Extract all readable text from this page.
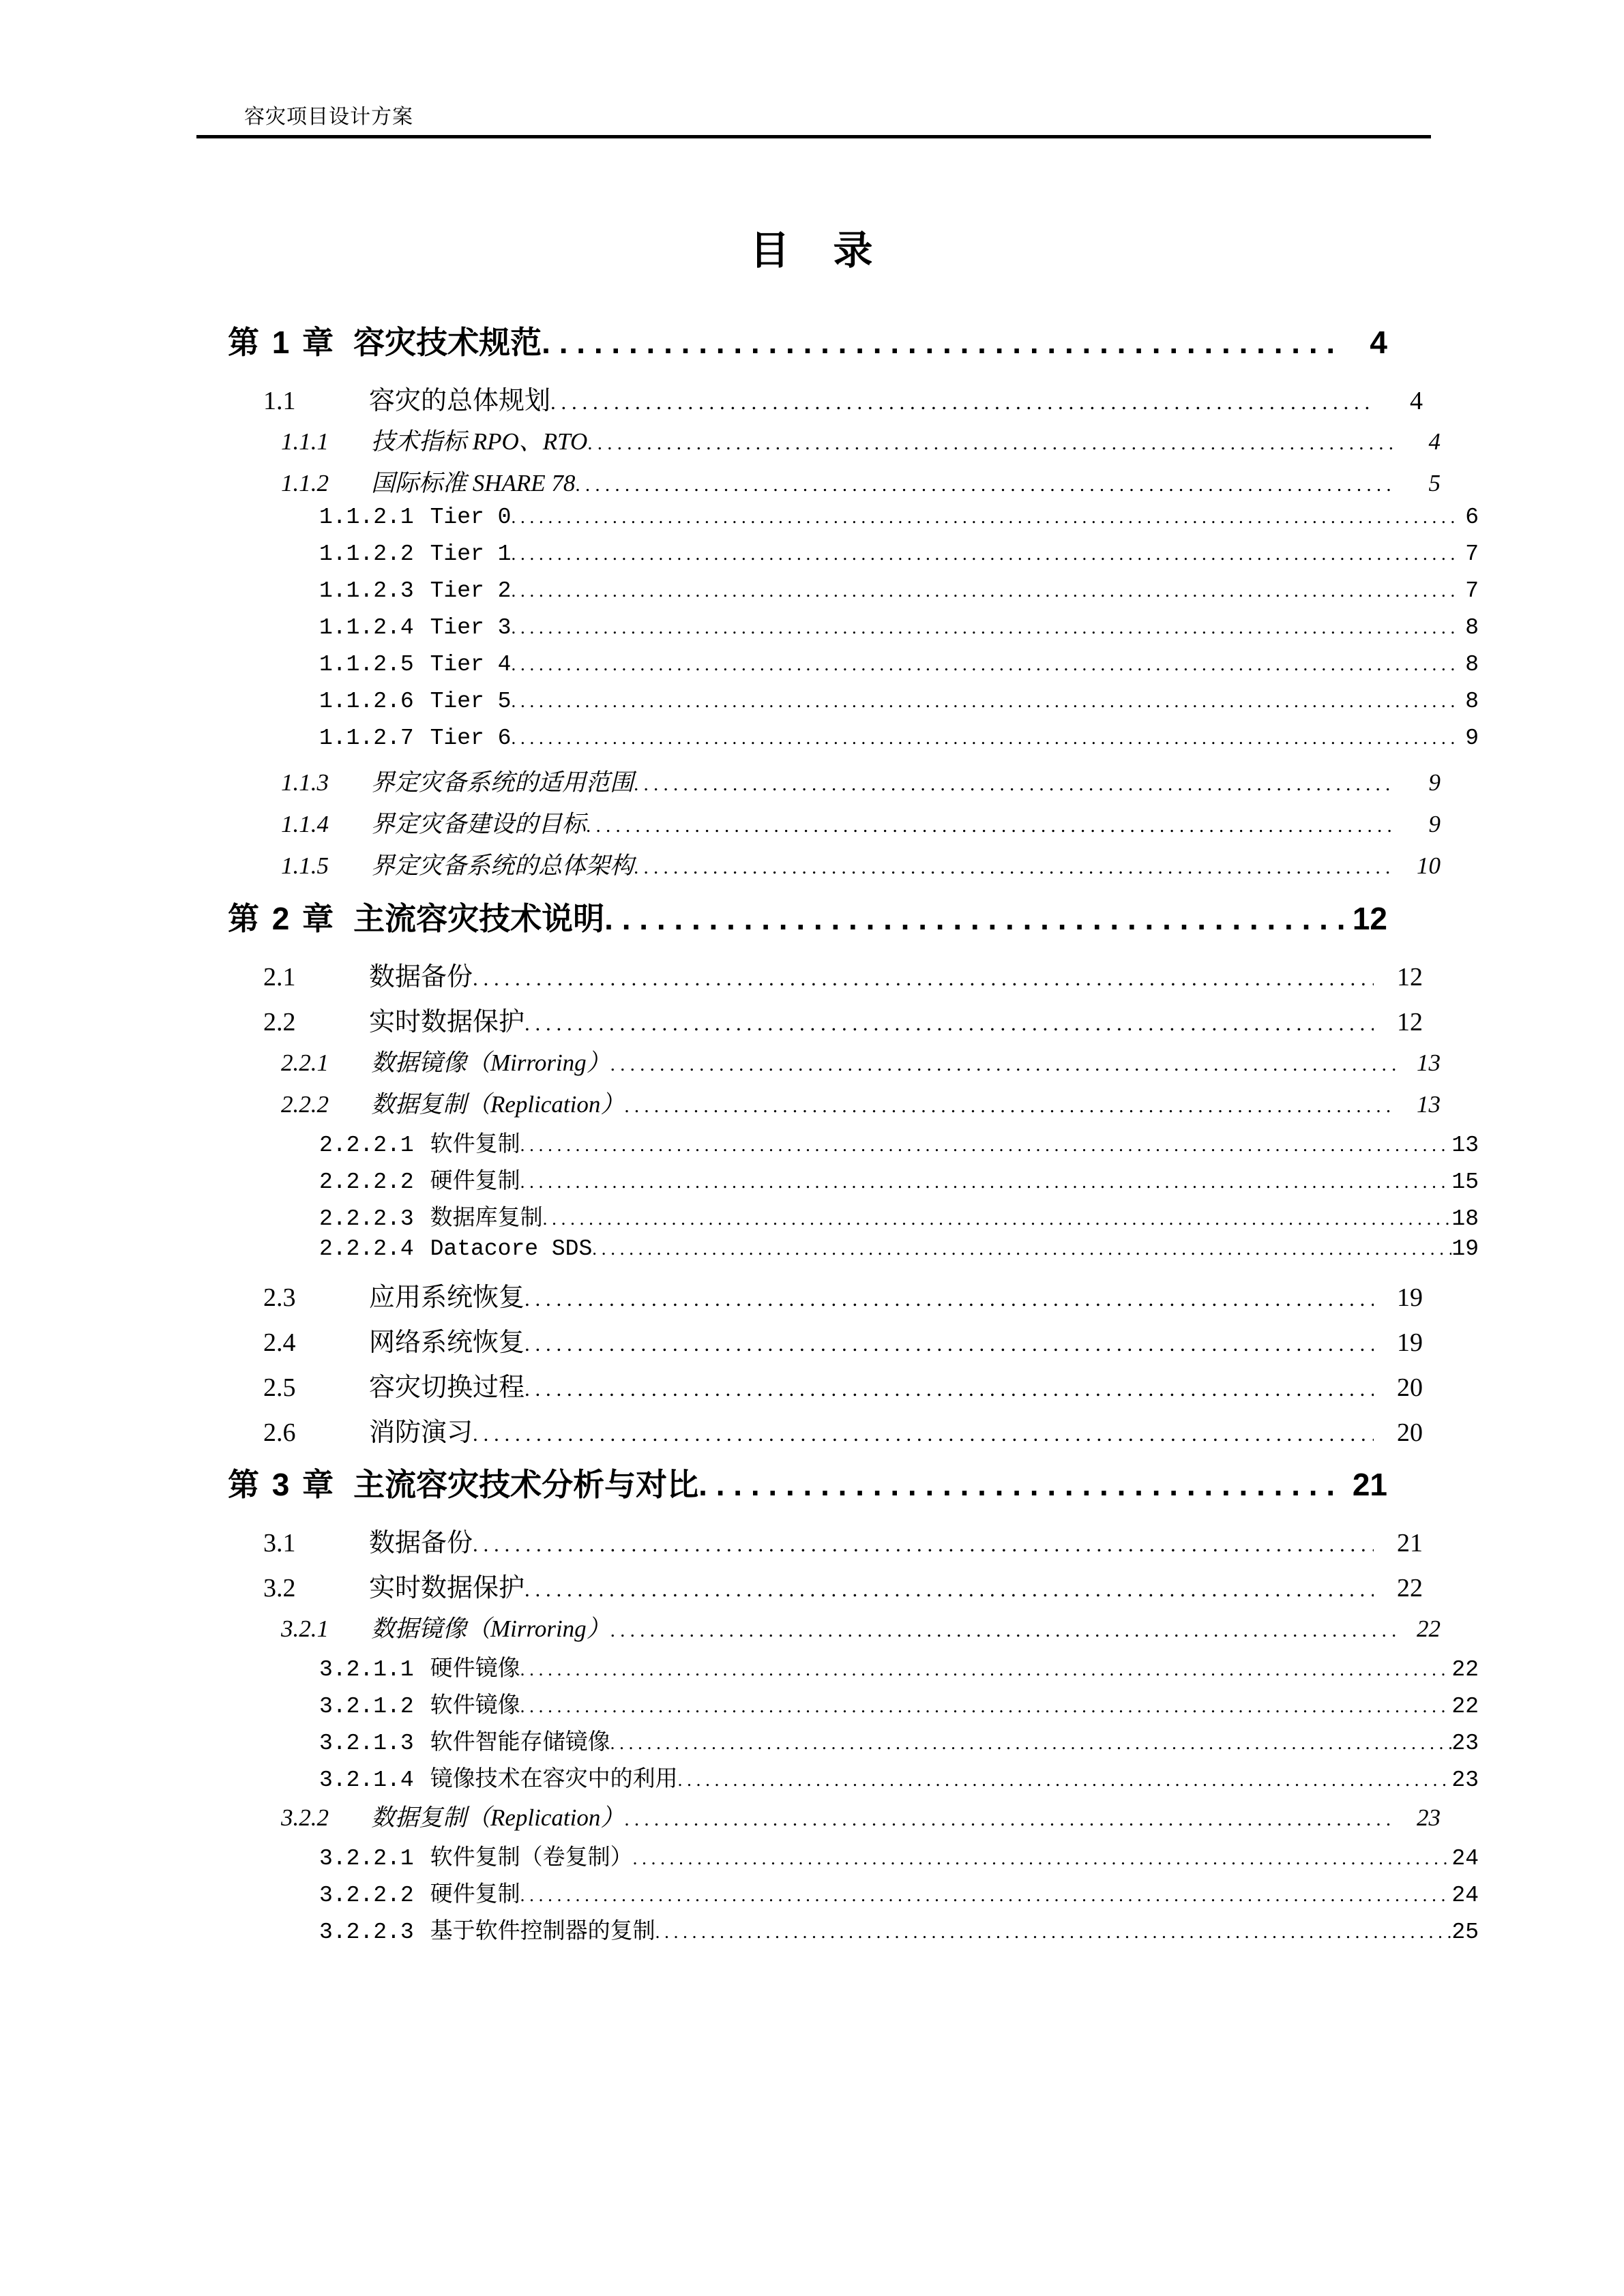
容灾项目设计方案
目 录
第 1 章 容灾技术规范 . . .	4
1.1	容灾的总体规划 . . .	4
1.1.1	技术指标 RPO、RTO . . .	4
1.1.2	国际标准 SHARE 78 . . .	5
1.1.2.1 Tier 0 . . .	6
1.1.2.2 Tier 1 . . .	7
1.1.2.3 Tier 2 . . .	7
1.1.2.4 Tier 3 . . .	8
1.1.2.5 Tier 4 . . .	8
1.1.2.6 Tier 5 . . .	8
1.1.2.7 Tier 6 . . .	9
1.1.3	界定灾备系统的适用范围 . . .	9
1.1.4	界定灾备建设的目标 . . .	9
1.1.5	界定灾备系统的总体架构 . . .	10
第 2 章 主流容灾技术说明 . . .	12
2.1	数据备份 . . .	12
2.2	实时数据保护 . . .	12
2.2.1	数据镜像（Mirroring） . . .	13
2.2.2	数据复制（Replication） . . .	13
2.2.2.1 软件复制 . . .	13
2.2.2.2 硬件复制 . . .	15
2.2.2.3 数据库复制 . . .	18
2.2.2.4 Datacore SDS . . .	19
2.3	应用系统恢复 . . .	19
2.4	网络系统恢复 . . .	19
2.5	容灾切换过程 . . .	20
2.6	消防演习 . . .	20
第 3 章 主流容灾技术分析与对比 . . .	21
3.1	数据备份 . . .	21
3.2	实时数据保护 . . .	22
3.2.1	数据镜像（Mirroring） . . .	22
3.2.1.1 硬件镜像 . . .	22
3.2.1.2 软件镜像 . . .	22
3.2.1.3 软件智能存储镜像 . . .	23
3.2.1.4 镜像技术在容灾中的利用 . . .	23
3.2.2	数据复制（Replication） . . .	23
3.2.2.1 软件复制（卷复制） . . .	24
3.2.2.2 硬件复制 . . .	24
3.2.2.3 基于软件控制器的复制 . . .	25
